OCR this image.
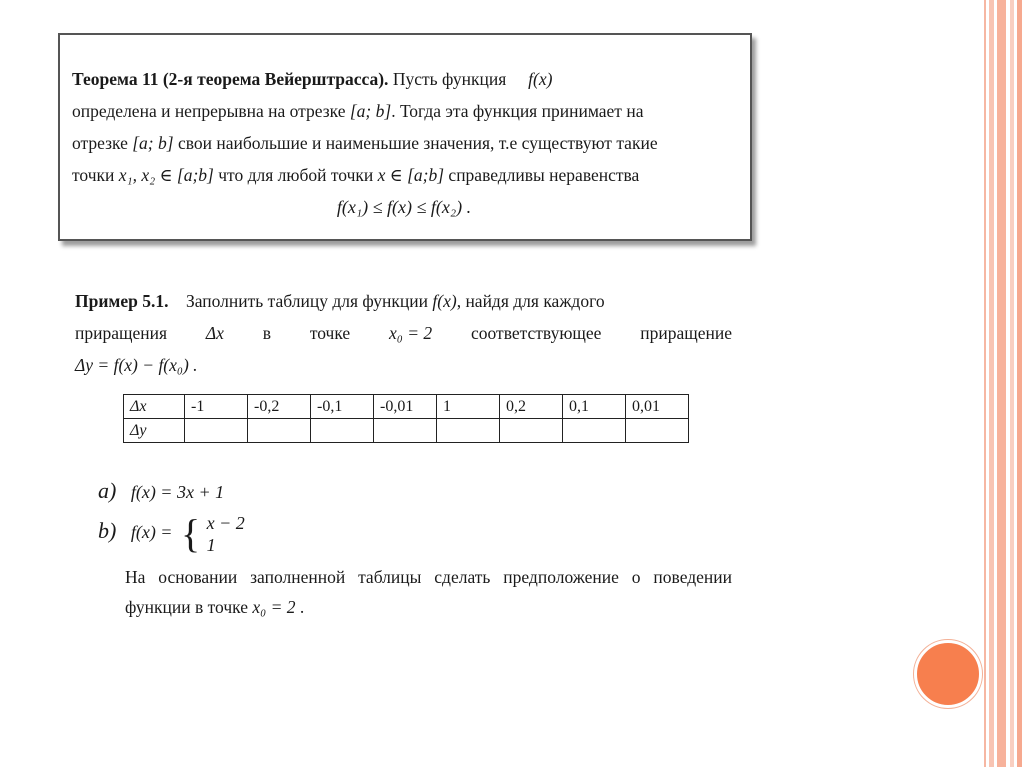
Теорема 11 (2-я теорема Вейерштрасса). Пусть функция f(x)
определена и непрерывна на отрезке [a; b]. Тогда эта функция принимает на
отрезке [a; b] свои наибольшие и наименьшие значения, т.е существуют такие
точки x₁, x₂ ∈ [a;b] что для любой точки x ∈ [a;b] справедливы неравенства
f(x₁) ≤ f(x) ≤ f(x₂) .
Пример 5.1. Заполнить таблицу для функции f(x), найдя для каждого
приращения Δx в точке x₀ = 2 соответствующее приращение
Δy = f(x) − f(x₀) .
Δx	-1	-0,2	-0,1	-0,01	1	0,2	0,1	0,01
Δy								
a) f(x) = 3x + 1
b) f(x) = { x − 2
1
На основании заполненной таблицы сделать предположение о поведении функции в точке x₀ = 2 .
